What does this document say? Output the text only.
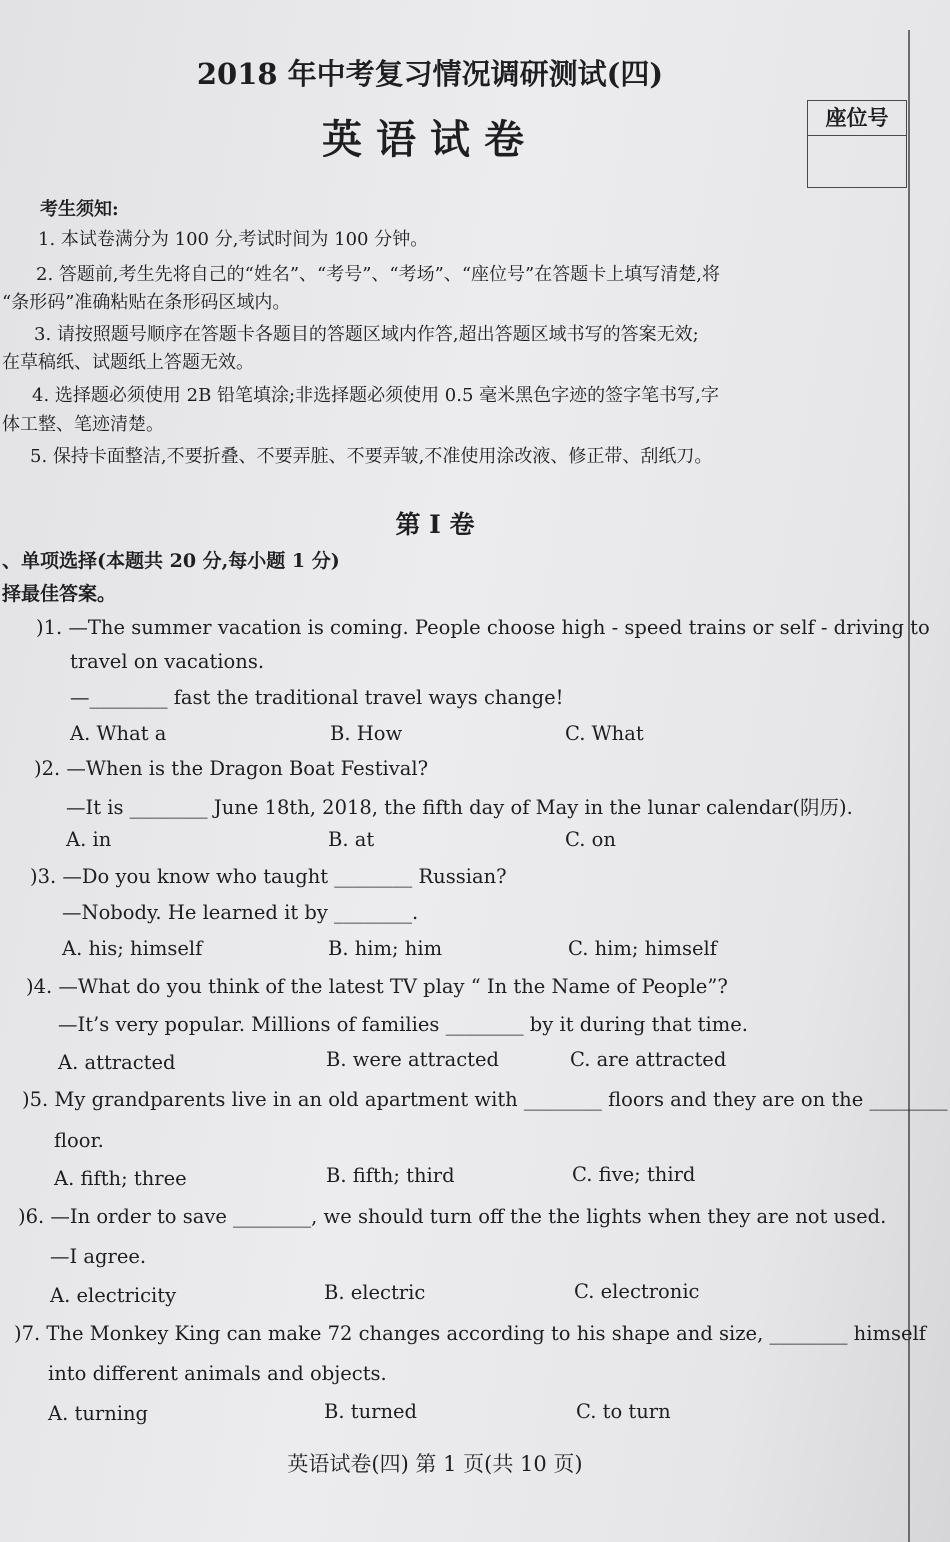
2018 年中考复习情况调研测试(四)
英语试卷	座位号
考生须知:
1. 本试卷满分为 100 分,考试时间为 100 分钟。
2. 答题前,考生先将自己的“姓名”、“考号”、“考场”、“座位号”在答题卡上填写清楚,将
“条形码”准确粘贴在条形码区域内。
3. 请按照题号顺序在答题卡各题目的答题区域内作答,超出答题区域书写的答案无效;
在草稿纸、试题纸上答题无效。
4. 选择题必须使用 2B 铅笔填涂;非选择题必须使用 0.5 毫米黑色字迹的签字笔书写,字
体工整、笔迹清楚。
5. 保持卡面整洁,不要折叠、不要弄脏、不要弄皱,不准使用涂改液、修正带、刮纸刀。
第 I 卷
、单项选择(本题共 20 分,每小题 1 分)
择最佳答案。
)1. —The summer vacation is coming. People choose high - speed trains or self - driving to
travel on vacations.
—________ fast the traditional travel ways change!
A. What a	B. How	C. What
)2. —When is the Dragon Boat Festival?
—It is ________ June 18th, 2018, the fifth day of May in the lunar calendar(阴历).
A. in	B. at	C. on
)3. —Do you know who taught ________ Russian?
—Nobody. He learned it by ________.
A. his; himself	B. him; him	C. him; himself
)4. —What do you think of the latest TV play “ In the Name of People”?
—It’s very popular. Millions of families ________ by it during that time.
A. attracted	B. were attracted	C. are attracted
)5. My grandparents live in an old apartment with ________ floors and they are on the ________
floor.
A. fifth; three	B. fifth; third	C. five; third
)6. —In order to save ________, we should turn off the the lights when they are not used.
—I agree.
A. electricity	B. electric	C. electronic
)7. The Monkey King can make 72 changes according to his shape and size, ________ himself
into different animals and objects.
A. turning	B. turned	C. to turn
英语试卷(四) 第 1 页(共 10 页)
